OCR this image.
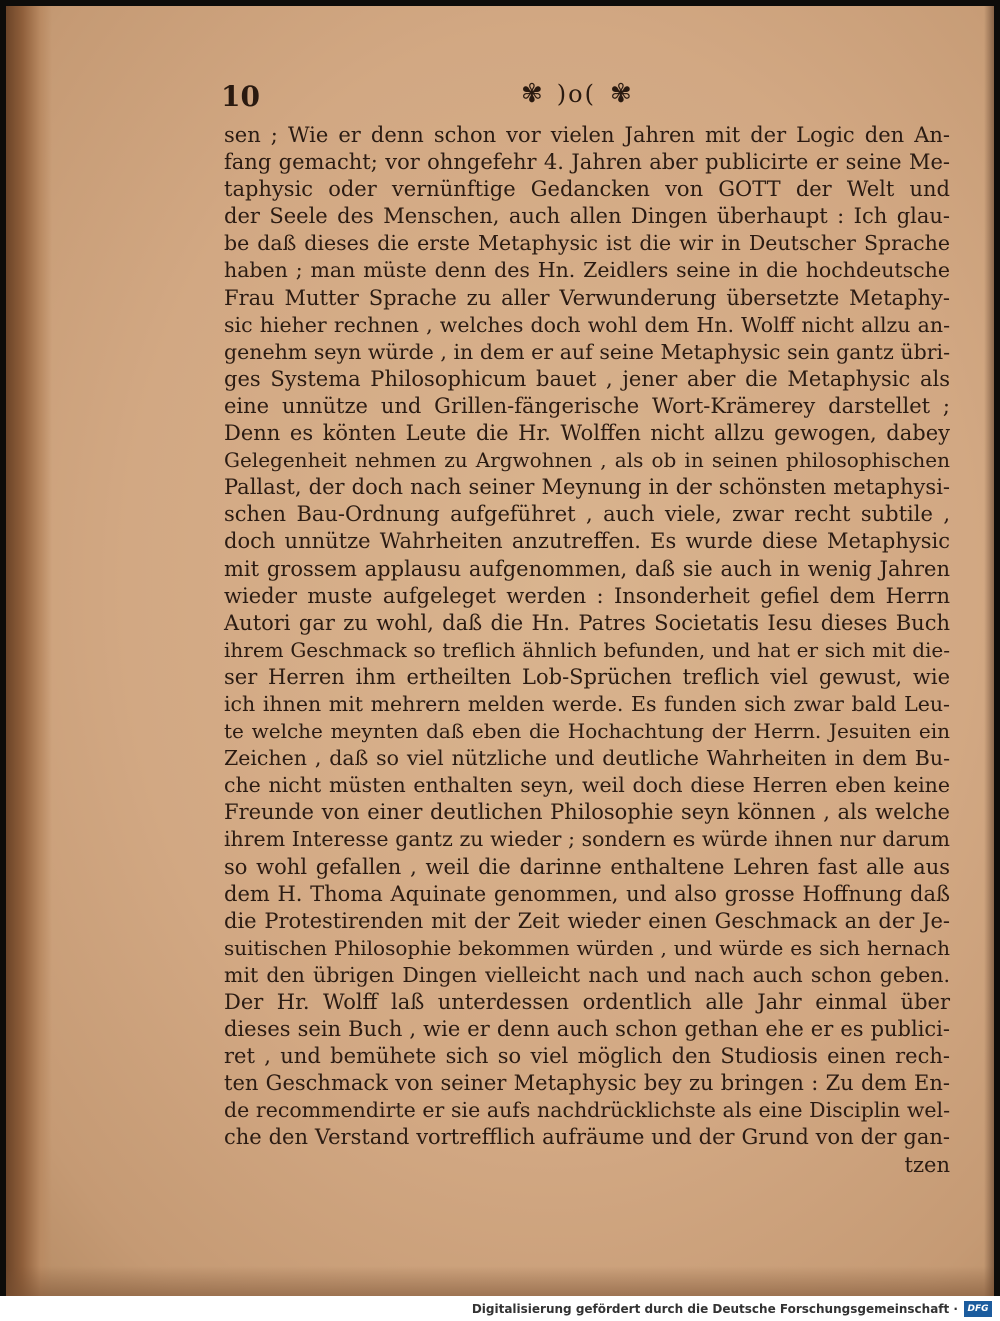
10	✾ )o( ✾
sen ; Wie er denn schon vor vielen Jahren mit der Logic den An-
fang gemacht; vor ohngefehr 4. Jahren aber publicirte er seine Me-
taphysic oder vernünftige Gedancken von GOTT der Welt und
der Seele des Menschen, auch allen Dingen überhaupt : Ich glau-
be daß dieses die erste Metaphysic ist die wir in Deutscher Sprache
haben ; man müste denn des Hn. Zeidlers seine in die hochdeutsche
Frau Mutter Sprache zu aller Verwunderung übersetzte Metaphy-
sic hieher rechnen , welches doch wohl dem Hn. Wolff nicht allzu an-
genehm seyn würde , in dem er auf seine Metaphysic sein gantz übri-
ges Systema Philosophicum bauet , jener aber die Metaphysic als
eine unnütze und Grillen-fängerische Wort-Krämerey darstellet ;
Denn es könten Leute die Hr. Wolffen nicht allzu gewogen, dabey
Gelegenheit nehmen zu Argwohnen , als ob in seinen philosophischen
Pallast, der doch nach seiner Meynung in der schönsten metaphysi-
schen Bau-Ordnung aufgeführet , auch viele, zwar recht subtile ,
doch unnütze Wahrheiten anzutreffen. Es wurde diese Metaphysic
mit grossem applausu aufgenommen, daß sie auch in wenig Jahren
wieder muste aufgeleget werden : Insonderheit gefiel dem Herrn
Autori gar zu wohl, daß die Hn. Patres Societatis Iesu dieses Buch
ihrem Geschmack so treflich ähnlich befunden, und hat er sich mit die-
ser Herren ihm ertheilten Lob-Sprüchen treflich viel gewust, wie
ich ihnen mit mehrern melden werde. Es funden sich zwar bald Leu-
te welche meynten daß eben die Hochachtung der Herrn. Jesuiten ein
Zeichen , daß so viel nützliche und deutliche Wahrheiten in dem Bu-
che nicht müsten enthalten seyn, weil doch diese Herren eben keine
Freunde von einer deutlichen Philosophie seyn können , als welche
ihrem Interesse gantz zu wieder ; sondern es würde ihnen nur darum
so wohl gefallen , weil die darinne enthaltene Lehren fast alle aus
dem H. Thoma Aquinate genommen, und also grosse Hoffnung daß
die Protestirenden mit der Zeit wieder einen Geschmack an der Je-
suitischen Philosophie bekommen würden , und würde es sich hernach
mit den übrigen Dingen vielleicht nach und nach auch schon geben.
Der Hr. Wolff laß unterdessen ordentlich alle Jahr einmal über
dieses sein Buch , wie er denn auch schon gethan ehe er es publici-
ret , und bemühete sich so viel möglich den Studiosis einen rech-
ten Geschmack von seiner Metaphysic bey zu bringen : Zu dem En-
de recommendirte er sie aufs nachdrücklichste als eine Disciplin wel-
che den Verstand vortrefflich aufräume und der Grund von der gan-
tzen
Digitalisierung gefördert durch die Deutsche Forschungsgemeinschaft ·	DFG
